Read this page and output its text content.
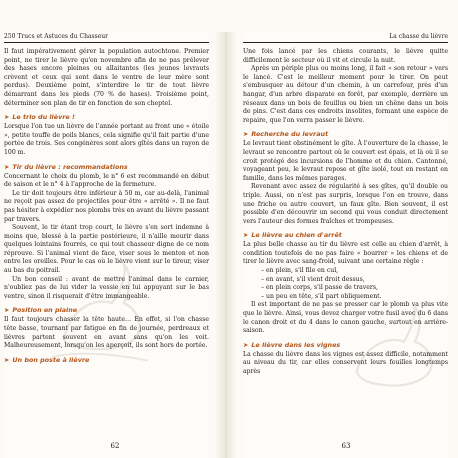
250 Trucs et Astuces du Chasseur	La chasse du lièvre

Il faut impérativement gérer la population autochtone. Premier point, ne tirer le lièvre qu'en novembre afin de ne pas prélever des hases encore pleines ou allaitantes (les jeunes levrauts crèvent et ceux qui sont dans le ventre de leur mère sont perdus). Deuxième point, s'interdire le tir de tout lièvre démarrant dans les pieds (70 % de hases). Troisième point, déterminer son plan de tir en fonction de son cheptel.

➤ Le trio du lièvre !

Lorsque l'on tue un lièvre de l'année portant au front une « étoile », petite touffe de poils blancs, cela signifie qu'il fait partie d'une portée de trois. Ses congénères sont alors gîtés dans un rayon de 100 m.

➤ Tir du lièvre : recommandations

Concernant le choix du plomb, le n° 6 est recommandé en début de saison et le n° 4 à l'approche de la fermeture.

Le tir doit toujours être inférieur à 50 m, car au-delà, l'animal ne reçoit pas assez de projectiles pour être « arrêté ». Il ne faut pas hésiter à expédier nos plombs très en avant du lièvre passant par travers.

Souvent, le tir étant trop court, le lièvre s'en sort indemne à moins que, blessé à la partie postérieure, il n'aille mourir dans quelques lointains fourrés, ce qui tout chasseur digne de ce nom réprouve. Si l'animal vient de face, viser sous le menton et non entre les oreilles. Pour le cas où le lièvre vient sur le tireur, viser au bas du poitrail.

Un bon conseil : avant de mettre l'animal dans le carnier, n'oubliez pas de lui vider la vessie en lui appuyant sur le bas ventre, sinon il risquerait d'être immangeable.

➤ Position en plaine

Il faut toujours chasser la tête haute… En effet, si l'on chasse tête basse, tournant par fatigue en fin de journée, perdreaux et lièvres partent souvent en avant sans qu'on les voit. Malheureusement, lorsqu'on les aperçoit, ils sont hors de portée.

➤ Un bon poste à lièvre

Une fois lancé par les chiens courants, le lièvre quitte difficilement le secteur où il vit et circule la nuit.

Après un périple plus ou moins long, il fait « son retour » vers le lancé. C'est le meilleur moment pour le tirer. On peut s'embusquer au détour d'un chemin, à un carrefour, près d'un hangar, d'un arbre disparate en forêt, par exemple, derrière un réseaux dans un bois de feuillus ou bien un chêne dans un bois de pins. C'est dans ces endroits insolites, formant une espèce de repaire, que l'on verra passer le lièvre.

➤ Recherche du levraut

Le levraut tient obstinément le gîte. À l'ouverture de la chasse, le levraut se rencontre partout où le couvert est épais, et là où il se croit protégé des incursions de l'homme et du chien. Cantonné, voyageant peu, le levraut repose et gîte isolé, tout en restant en famille, dans les mêmes parages.

Revenant avec assez de régularité à ses gîtes, qu'il double ou triple. Aussi, on n'est pas surpris, lorsque l'on en trouve, dans une friche ou autre couvert, un faux gîte. Bien souvent, il est possible d'en découvrir un second qui vous conduit directement vers l'auteur des formes fraîches et trompeuses.

➤ Le lièvre au chien d'arrêt

La plus belle chasse au tir du lièvre est celle au chien d'arrêt, à condition toutefois de ne pas faire « bourrer » les chiens et de tirer le lièvre avec sang-froid, suivant une certaine règle :

– en plein, s'il file en cul,

– en avant, s'il vient droit dessus,

– en plein corps, s'il passe de travers,

– un peu en tête, s'il part obliquement.

Il est important de ne pas se presser car le plomb va plus vite que le lièvre. Ainsi, vous devez charger votre fusil avec du 6 dans le canon droit et du 4 dans le canon gauche, surtout en arrière-saison.

➤ Le lièvre dans les vignes

La chasse du lièvre dans les vignes est assez difficile, notamment au niveau du tir, car elles conservent leurs feuilles longtemps après

62	63
